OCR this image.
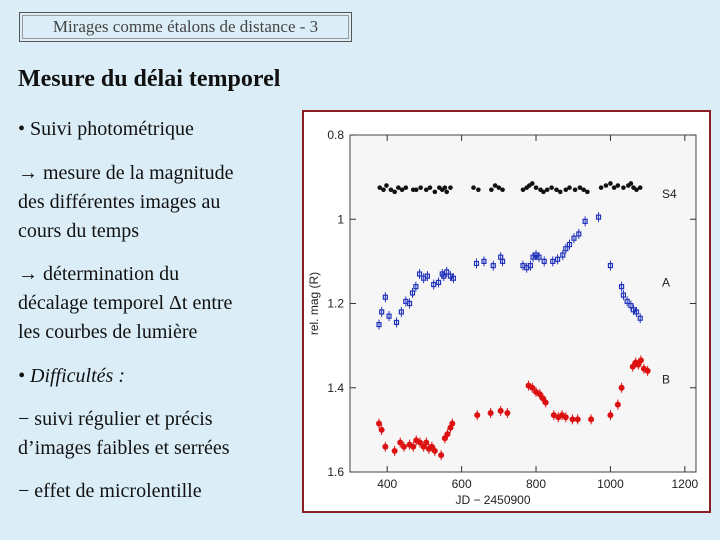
Mirages comme étalons de distance - 3
Mesure du délai temporel
• Suivi photométrique
→ mesure de la magnitude
des différentes images au
cours du temps
→ détermination du
décalage temporel Δt entre
les courbes de lumière
• Difficultés :
− suivi régulier et précis
d’images faibles et serrées
− effet de microlentille	400	600	800	1000	1200
0.8
1
1.2
1.4
1.6
JD − 2450900
rel. mag (R)
S4
A
B
